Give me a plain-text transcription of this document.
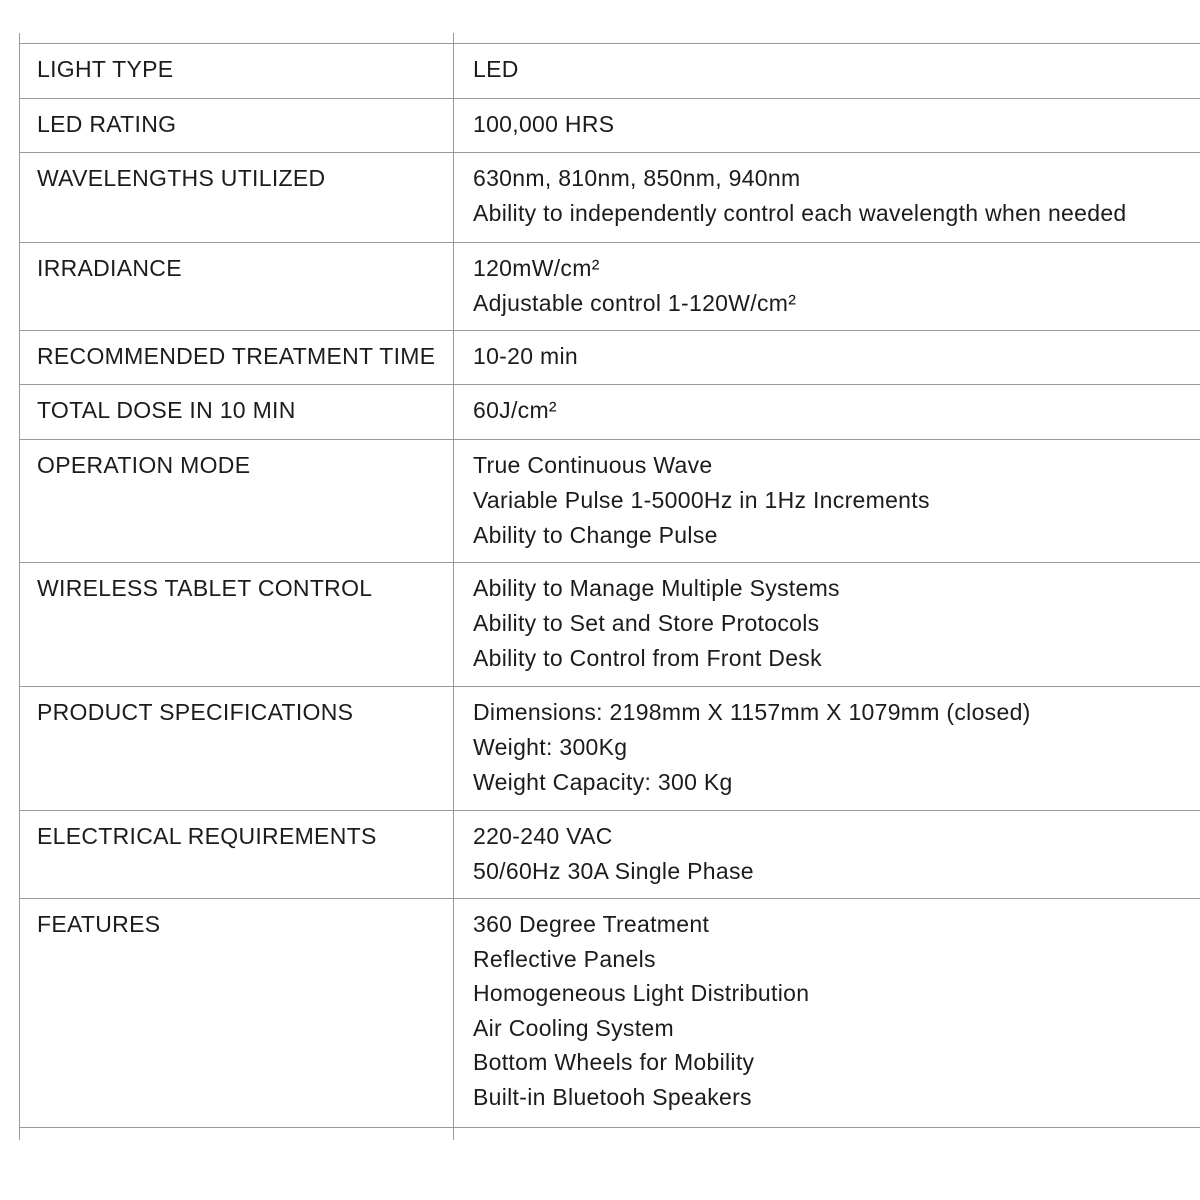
LIGHT TYPE	LED
LED RATING	100,000 HRS
WAVELENGTHS UTILIZED	630nm, 810nm, 850nm, 940nm
Ability to independently control each wavelength when needed
IRRADIANCE	120mW/cm²
Adjustable control 1-120W/cm²
RECOMMENDED TREATMENT TIME	10-20 min
TOTAL DOSE IN 10 MIN	60J/cm²
OPERATION MODE	True Continuous Wave
Variable Pulse 1-5000Hz in 1Hz Increments
Ability to Change Pulse
WIRELESS TABLET CONTROL	Ability to Manage Multiple Systems
Ability to Set and Store Protocols
Ability to Control from Front Desk
PRODUCT SPECIFICATIONS	Dimensions: 2198mm X 1157mm X 1079mm (closed)
Weight: 300Kg
Weight Capacity: 300 Kg
ELECTRICAL REQUIREMENTS	220-240 VAC
50/60Hz 30A Single Phase
FEATURES	360 Degree Treatment
Reflective Panels
Homogeneous Light Distribution
Air Cooling System
Bottom Wheels for Mobility
Built-in Bluetooh Speakers
